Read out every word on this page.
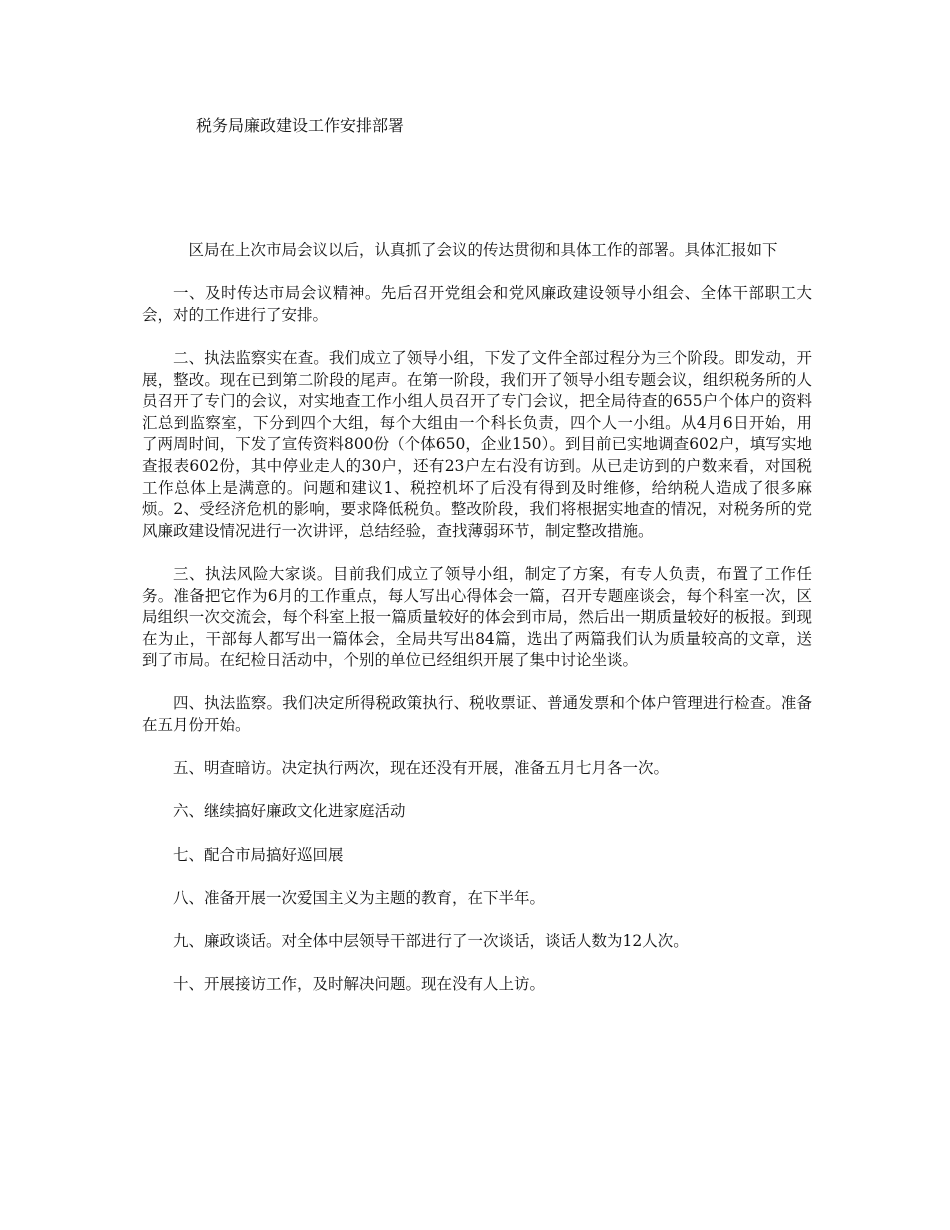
税务局廉政建设工作安排部署

区局在上次市局会议以后，认真抓了会议的传达贯彻和具体工作的部署。具体汇报如下

一、及时传达市局会议精神。先后召开党组会和党风廉政建设领导小组会、全体干部职工大会，对的工作进行了安排。

二、执法监察实在查。我们成立了领导小组，下发了文件全部过程分为三个阶段。即发动，开展，整改。现在已到第二阶段的尾声。在第一阶段，我们开了领导小组专题会议，组织税务所的人员召开了专门的会议，对实地查工作小组人员召开了专门会议，把全局待查的655户个体户的资料汇总到监察室，下分到四个大组，每个大组由一个科长负责，四个人一小组。从4月6日开始，用了两周时间，下发了宣传资料800份（个体650，企业150）。到目前已实地调查602户，填写实地查报表602份，其中停业走人的30户，还有23户左右没有访到。从已走访到的户数来看，对国税工作总体上是满意的。问题和建议1、税控机坏了后没有得到及时维修，给纳税人造成了很多麻烦。2、受经济危机的影响，要求降低税负。整改阶段，我们将根据实地查的情况，对税务所的党风廉政建设情况进行一次讲评，总结经验，查找薄弱环节，制定整改措施。

三、执法风险大家谈。目前我们成立了领导小组，制定了方案，有专人负责，布置了工作任务。准备把它作为6月的工作重点，每人写出心得体会一篇，召开专题座谈会，每个科室一次，区局组织一次交流会，每个科室上报一篇质量较好的体会到市局，然后出一期质量较好的板报。到现在为止，干部每人都写出一篇体会，全局共写出84篇，选出了两篇我们认为质量较高的文章，送到了市局。在纪检日活动中，个别的单位已经组织开展了集中讨论坐谈。

四、执法监察。我们决定所得税政策执行、税收票证、普通发票和个体户管理进行检查。准备在五月份开始。

五、明查暗访。决定执行两次，现在还没有开展，准备五月七月各一次。

六、继续搞好廉政文化进家庭活动

七、配合市局搞好巡回展

八、准备开展一次爱国主义为主题的教育，在下半年。

九、廉政谈话。对全体中层领导干部进行了一次谈话，谈话人数为12人次。

十、开展接访工作，及时解决问题。现在没有人上访。
